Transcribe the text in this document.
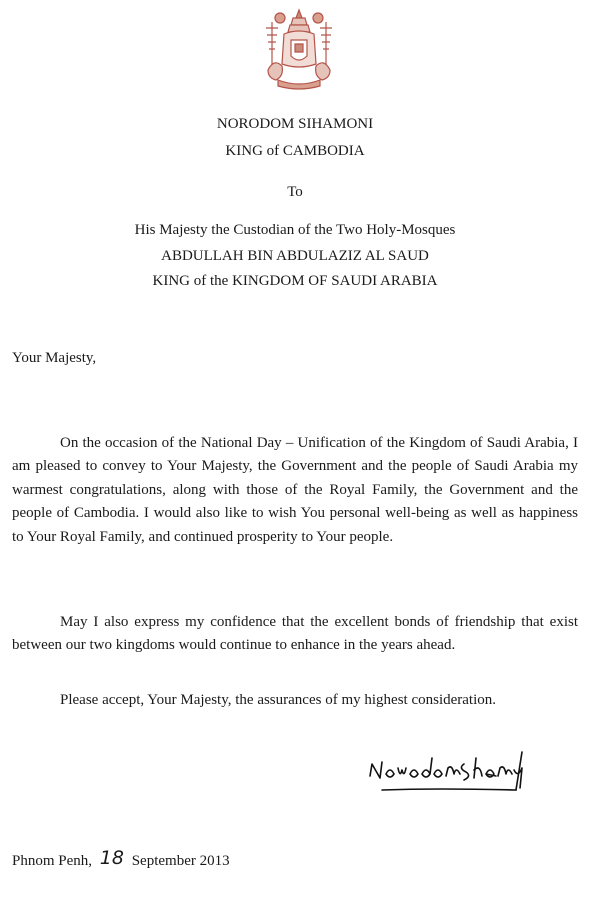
NORODOM SIHAMONI
KING of CAMBODIA
To
His Majesty the Custodian of the Two Holy-Mosques
ABDULLAH BIN ABDULAZIZ AL SAUD
KING of the KINGDOM OF SAUDI ARABIA
Your Majesty,

On the occasion of the National Day – Unification of the Kingdom of Saudi Arabia, I am pleased to convey to Your Majesty, the Government and the people of Saudi Arabia my warmest congratulations, along with those of the Royal Family, the Government and the people of Cambodia. I would also like to wish You personal well-being as well as happiness to Your Royal Family, and continued prosperity to Your people.

May I also express my confidence that the excellent bonds of friendship that exist between our two kingdoms would continue to enhance in the years ahead.

Please accept, Your Majesty, the assurances of my highest consideration.

Phnom Penh, 18 September 2013
